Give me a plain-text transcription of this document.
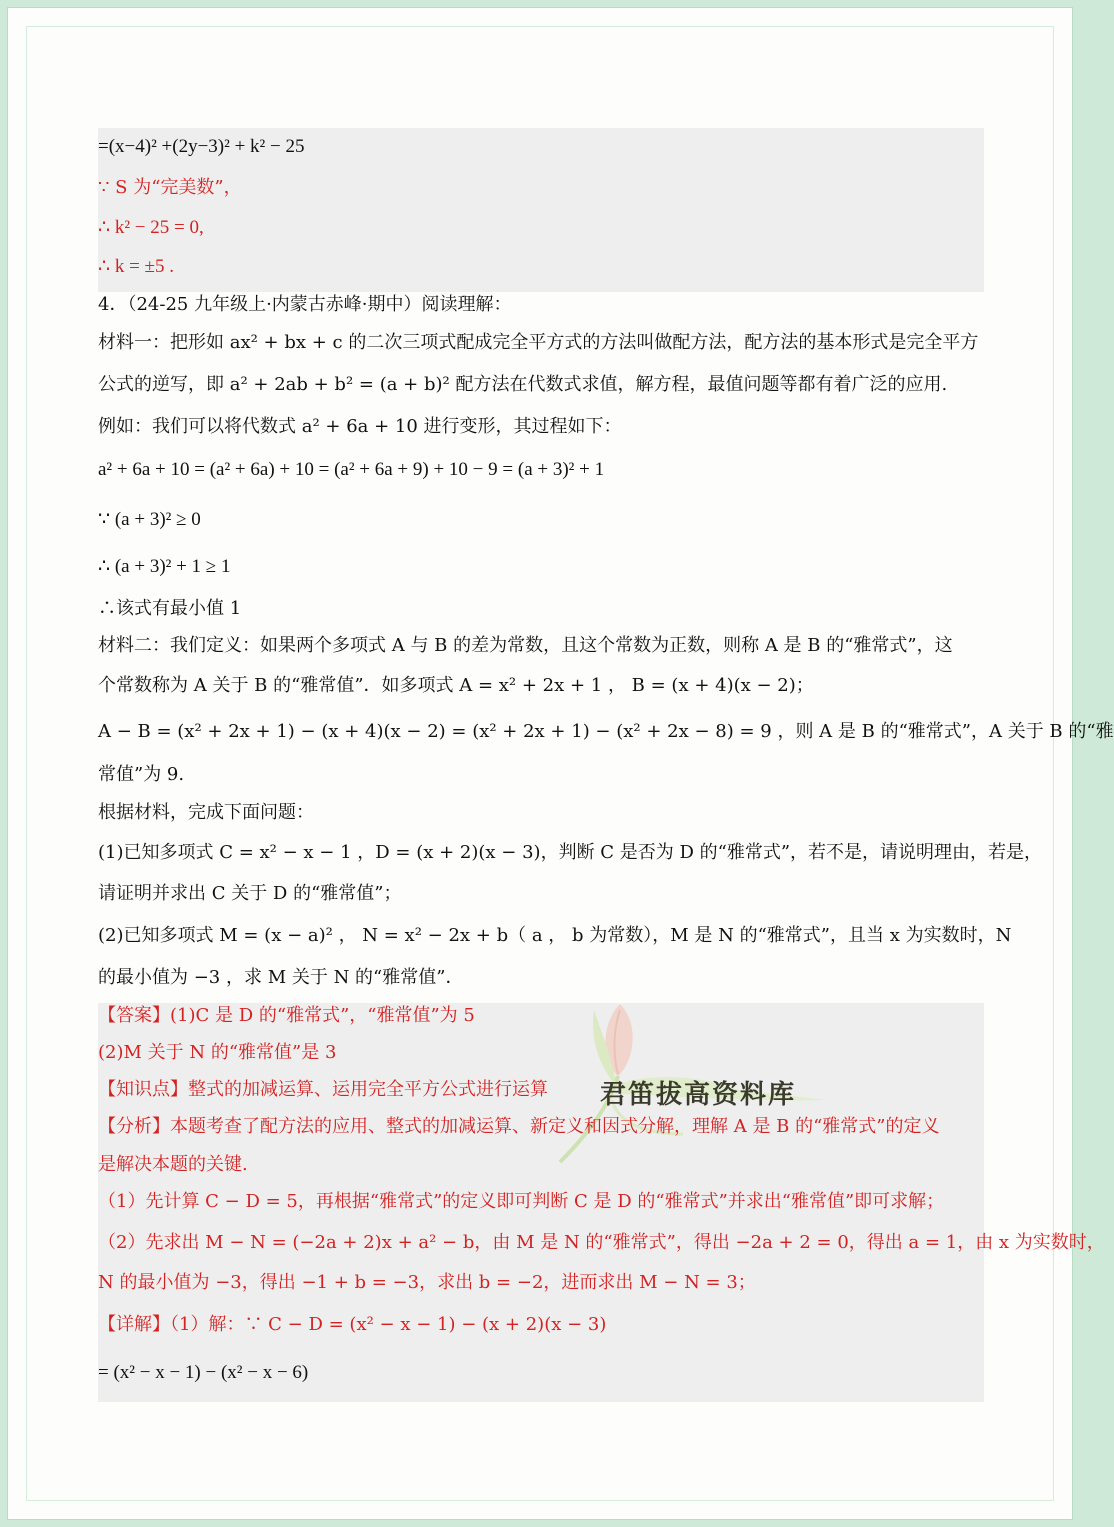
君笛拔高资料库
=(x−4)² +(2y−3)² + k² − 25
∵ S 为“完美数”，
∴ k² − 25 = 0,
∴ k = ±5 .
4．（24-25 九年级上·内蒙古赤峰·期中）阅读理解：
材料一：把形如 ax² + bx + c 的二次三项式配成完全平方式的方法叫做配方法，配方法的基本形式是完全平方
公式的逆写，即 a² + 2ab + b² = (a + b)² 配方法在代数式求值，解方程，最值问题等都有着广泛的应用.
例如：我们可以将代数式 a² + 6a + 10 进行变形，其过程如下：
a² + 6a + 10 = (a² + 6a) + 10 = (a² + 6a + 9) + 10 − 9 = (a + 3)² + 1
∵ (a + 3)² ≥ 0
∴ (a + 3)² + 1 ≥ 1
∴该式有最小值 1
材料二：我们定义：如果两个多项式 A 与 B 的差为常数，且这个常数为正数，则称 A 是 B 的“雅常式”，这
个常数称为 A 关于 B 的“雅常值”．如多项式 A = x² + 2x + 1 ， B = (x + 4)(x − 2)；
A − B = (x² + 2x + 1) − (x + 4)(x − 2) = (x² + 2x + 1) − (x² + 2x − 8) = 9 ，则 A 是 B 的“雅常式”，A 关于 B 的“雅
常值”为 9.
根据材料，完成下面问题：
(1)已知多项式 C = x² − x − 1 ，D = (x + 2)(x − 3)，判断 C 是否为 D 的“雅常式”，若不是，请说明理由，若是，
请证明并求出 C 关于 D 的“雅常值”；
(2)已知多项式 M = (x − a)² ， N = x² − 2x + b（ a ， b 为常数），M 是 N 的“雅常式”，且当 x 为实数时，N
的最小值为 −3 ，求 M 关于 N 的“雅常值”．
【答案】(1)C 是 D 的“雅常式”，“雅常值”为 5
(2)M 关于 N 的“雅常值”是 3
【知识点】整式的加减运算、运用完全平方公式进行运算
【分析】本题考查了配方法的应用、整式的加减运算、新定义和因式分解，理解 A 是 B 的“雅常式”的定义
是解决本题的关键.
（1）先计算 C − D = 5，再根据“雅常式”的定义即可判断 C 是 D 的“雅常式”并求出“雅常值”即可求解；
（2）先求出 M − N = (−2a + 2)x + a² − b，由 M 是 N 的“雅常式”，得出 −2a + 2 = 0，得出 a = 1，由 x 为实数时，
N 的最小值为 −3，得出 −1 + b = −3，求出 b = −2，进而求出 M − N = 3；
【详解】（1）解：∵ C − D = (x² − x − 1) − (x + 2)(x − 3)
= (x² − x − 1) − (x² − x − 6)
